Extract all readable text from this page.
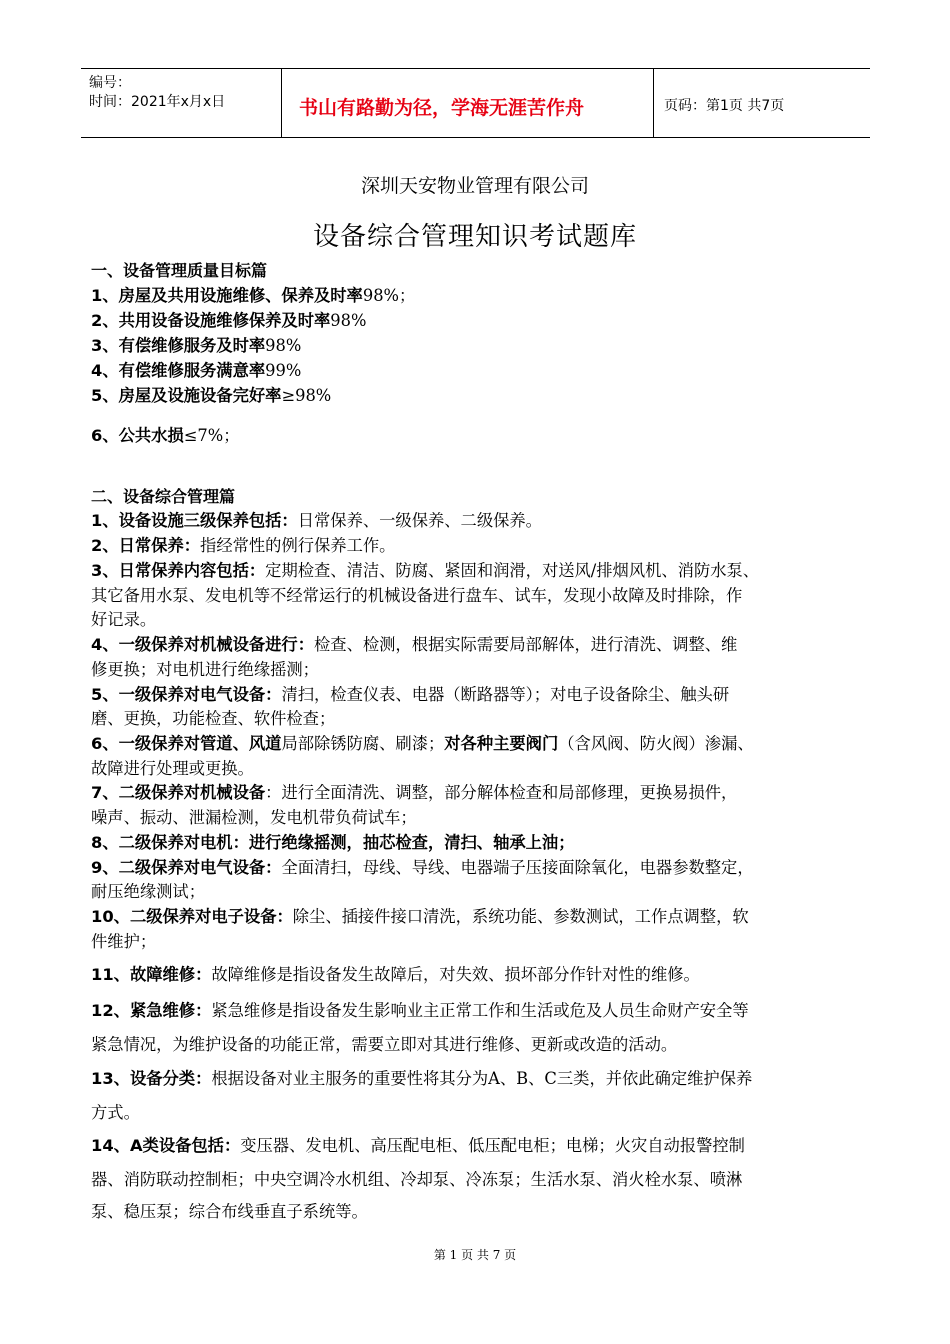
编号：
时间：2021年x月x日	书山有路勤为径，学海无涯苦作舟	页码：第1页 共7页
深圳天安物业管理有限公司
设备综合管理知识考试题库
一、设备管理质量目标篇
1、房屋及共用设施维修、保养及时率98%；
2、共用设备设施维修保养及时率98%
3、有偿维修服务及时率98%
4、有偿维修服务满意率99%
5、房屋及设施设备完好率≥98%
6、公共水损≤7%；
二、设备综合管理篇
1、设备设施三级保养包括：日常保养、一级保养、二级保养。
2、日常保养：指经常性的例行保养工作。
3、日常保养内容包括：定期检查、清洁、防腐、紧固和润滑，对送风/排烟风机、消防水泵、
其它备用水泵、发电机等不经常运行的机械设备进行盘车、试车，发现小故障及时排除，作
好记录。
4、一级保养对机械设备进行：检查、检测，根据实际需要局部解体，进行清洗、调整、维
修更换；对电机进行绝缘摇测；
5、一级保养对电气设备：清扫，检查仪表、电器（断路器等）；对电子设备除尘、触头研
磨、更换，功能检查、软件检查；
6、一级保养对管道、风道局部除锈防腐、刷漆；对各种主要阀门（含风阀、防火阀）渗漏、
故障进行处理或更换。
7、二级保养对机械设备：进行全面清洗、调整，部分解体检查和局部修理，更换易损件，
噪声、振动、泄漏检测，发电机带负荷试车；
8、二级保养对电机：进行绝缘摇测，抽芯检查，清扫、轴承上油；
9、二级保养对电气设备：全面清扫，母线、导线、电器端子压接面除氧化，电器参数整定，
耐压绝缘测试；
10、二级保养对电子设备：除尘、插接件接口清洗，系统功能、参数测试，工作点调整，软
件维护；
11、故障维修：故障维修是指设备发生故障后，对失效、损坏部分作针对性的维修。
12、紧急维修：紧急维修是指设备发生影响业主正常工作和生活或危及人员生命财产安全等
紧急情况，为维护设备的功能正常，需要立即对其进行维修、更新或改造的活动。
13、设备分类：根据设备对业主服务的重要性将其分为A、B、C三类，并依此确定维护保养
方式。
14、A类设备包括：变压器、发电机、高压配电柜、低压配电柜；电梯；火灾自动报警控制
器、消防联动控制柜；中央空调冷水机组、冷却泵、冷冻泵；生活水泵、消火栓水泵、喷淋
泵、稳压泵；综合布线垂直子系统等。
第 1 页 共 7 页
